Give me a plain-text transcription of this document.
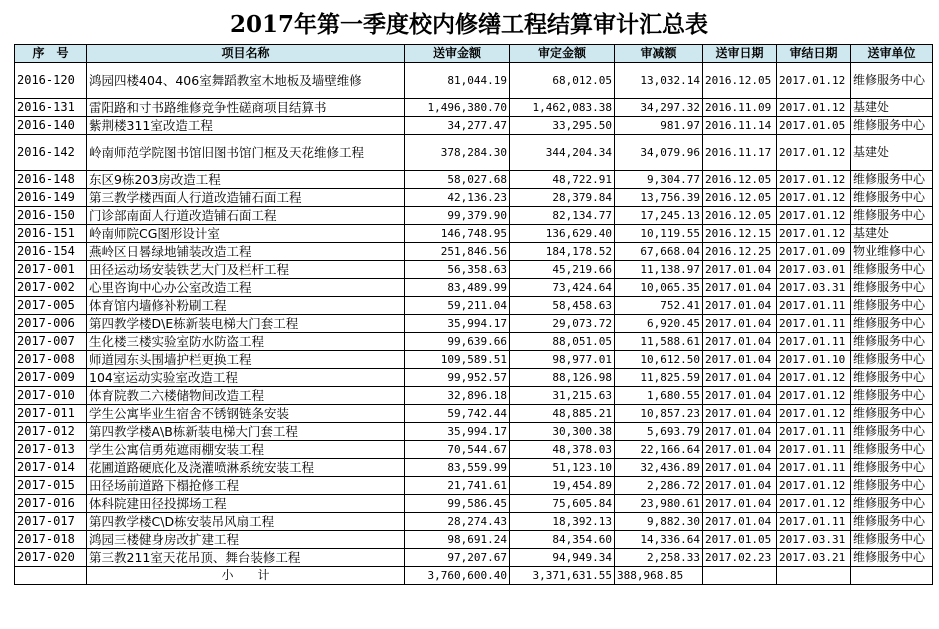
2017年第一季度校内修缮工程结算审计汇总表
序　号	项目名称	送审金额	审定金额	审减额	送审日期	审结日期	送审单位
2016-120	鸿园四楼404、406室舞蹈教室木地板及墙壁维修	81,044.19	68,012.05	13,032.14	2016.12.05	2017.01.12	维修服务中心
2016-131	雷阳路和寸书路维修竞争性磋商项目结算书	1,496,380.70	1,462,083.38	34,297.32	2016.11.09	2017.01.12	基建处
2016-140	紫荆楼311室改造工程	34,277.47	33,295.50	981.97	2016.11.14	2017.01.05	维修服务中心
2016-142	岭南师范学院图书馆旧图书馆门框及天花维修工程	378,284.30	344,204.34	34,079.96	2016.11.17	2017.01.12	基建处
2016-148	东区9栋203房改造工程	58,027.68	48,722.91	9,304.77	2016.12.05	2017.01.12	维修服务中心
2016-149	第三教学楼西面人行道改造铺石面工程	42,136.23	28,379.84	13,756.39	2016.12.05	2017.01.12	维修服务中心
2016-150	门诊部南面人行道改造铺石面工程	99,379.90	82,134.77	17,245.13	2016.12.05	2017.01.12	维修服务中心
2016-151	岭南师院CG图形设计室	146,748.95	136,629.40	10,119.55	2016.12.15	2017.01.12	基建处
2016-154	燕岭区日晷绿地铺装改造工程	251,846.56	184,178.52	67,668.04	2016.12.25	2017.01.09	物业维修中心
2017-001	田径运动场安装铁艺大门及栏杆工程	56,358.63	45,219.66	11,138.97	2017.01.04	2017.03.01	维修服务中心
2017-002	心里咨询中心办公室改造工程	83,489.99	73,424.64	10,065.35	2017.01.04	2017.03.31	维修服务中心
2017-005	体育馆内墙修补粉刷工程	59,211.04	58,458.63	752.41	2017.01.04	2017.01.11	维修服务中心
2017-006	第四教学楼D\E栋新装电梯大门套工程	35,994.17	29,073.72	6,920.45	2017.01.04	2017.01.11	维修服务中心
2017-007	生化楼三楼实验室防水防盗工程	99,639.66	88,051.05	11,588.61	2017.01.04	2017.01.11	维修服务中心
2017-008	师道园东头围墙护栏更换工程	109,589.51	98,977.01	10,612.50	2017.01.04	2017.01.10	维修服务中心
2017-009	104室运动实验室改造工程	99,952.57	88,126.98	11,825.59	2017.01.04	2017.01.12	维修服务中心
2017-010	体育院教二六楼储物间改造工程	32,896.18	31,215.63	1,680.55	2017.01.04	2017.01.12	维修服务中心
2017-011	学生公寓毕业生宿舍不锈钢链条安装	59,742.44	48,885.21	10,857.23	2017.01.04	2017.01.12	维修服务中心
2017-012	第四教学楼A\B栋新装电梯大门套工程	35,994.17	30,300.38	5,693.79	2017.01.04	2017.01.11	维修服务中心
2017-013	学生公寓信勇苑遮雨棚安装工程	70,544.67	48,378.03	22,166.64	2017.01.04	2017.01.11	维修服务中心
2017-014	花圃道路硬底化及浇灌喷淋系统安装工程	83,559.99	51,123.10	32,436.89	2017.01.04	2017.01.11	维修服务中心
2017-015	田径场前道路下榻抢修工程	21,741.61	19,454.89	2,286.72	2017.01.04	2017.01.12	维修服务中心
2017-016	体科院建田径投掷场工程	99,586.45	75,605.84	23,980.61	2017.01.04	2017.01.12	维修服务中心
2017-017	第四教学楼C\D栋安装吊风扇工程	28,274.43	18,392.13	9,882.30	2017.01.04	2017.01.11	维修服务中心
2017-018	鸿园三楼健身房改扩建工程	98,691.24	84,354.60	14,336.64	2017.01.05	2017.03.31	维修服务中心
2017-020	第三教211室天花吊顶、舞台装修工程	97,207.67	94,949.34	2,258.33	2017.02.23	2017.03.21	维修服务中心
	小　　计	3,760,600.40	3,371,631.55	388,968.85			
